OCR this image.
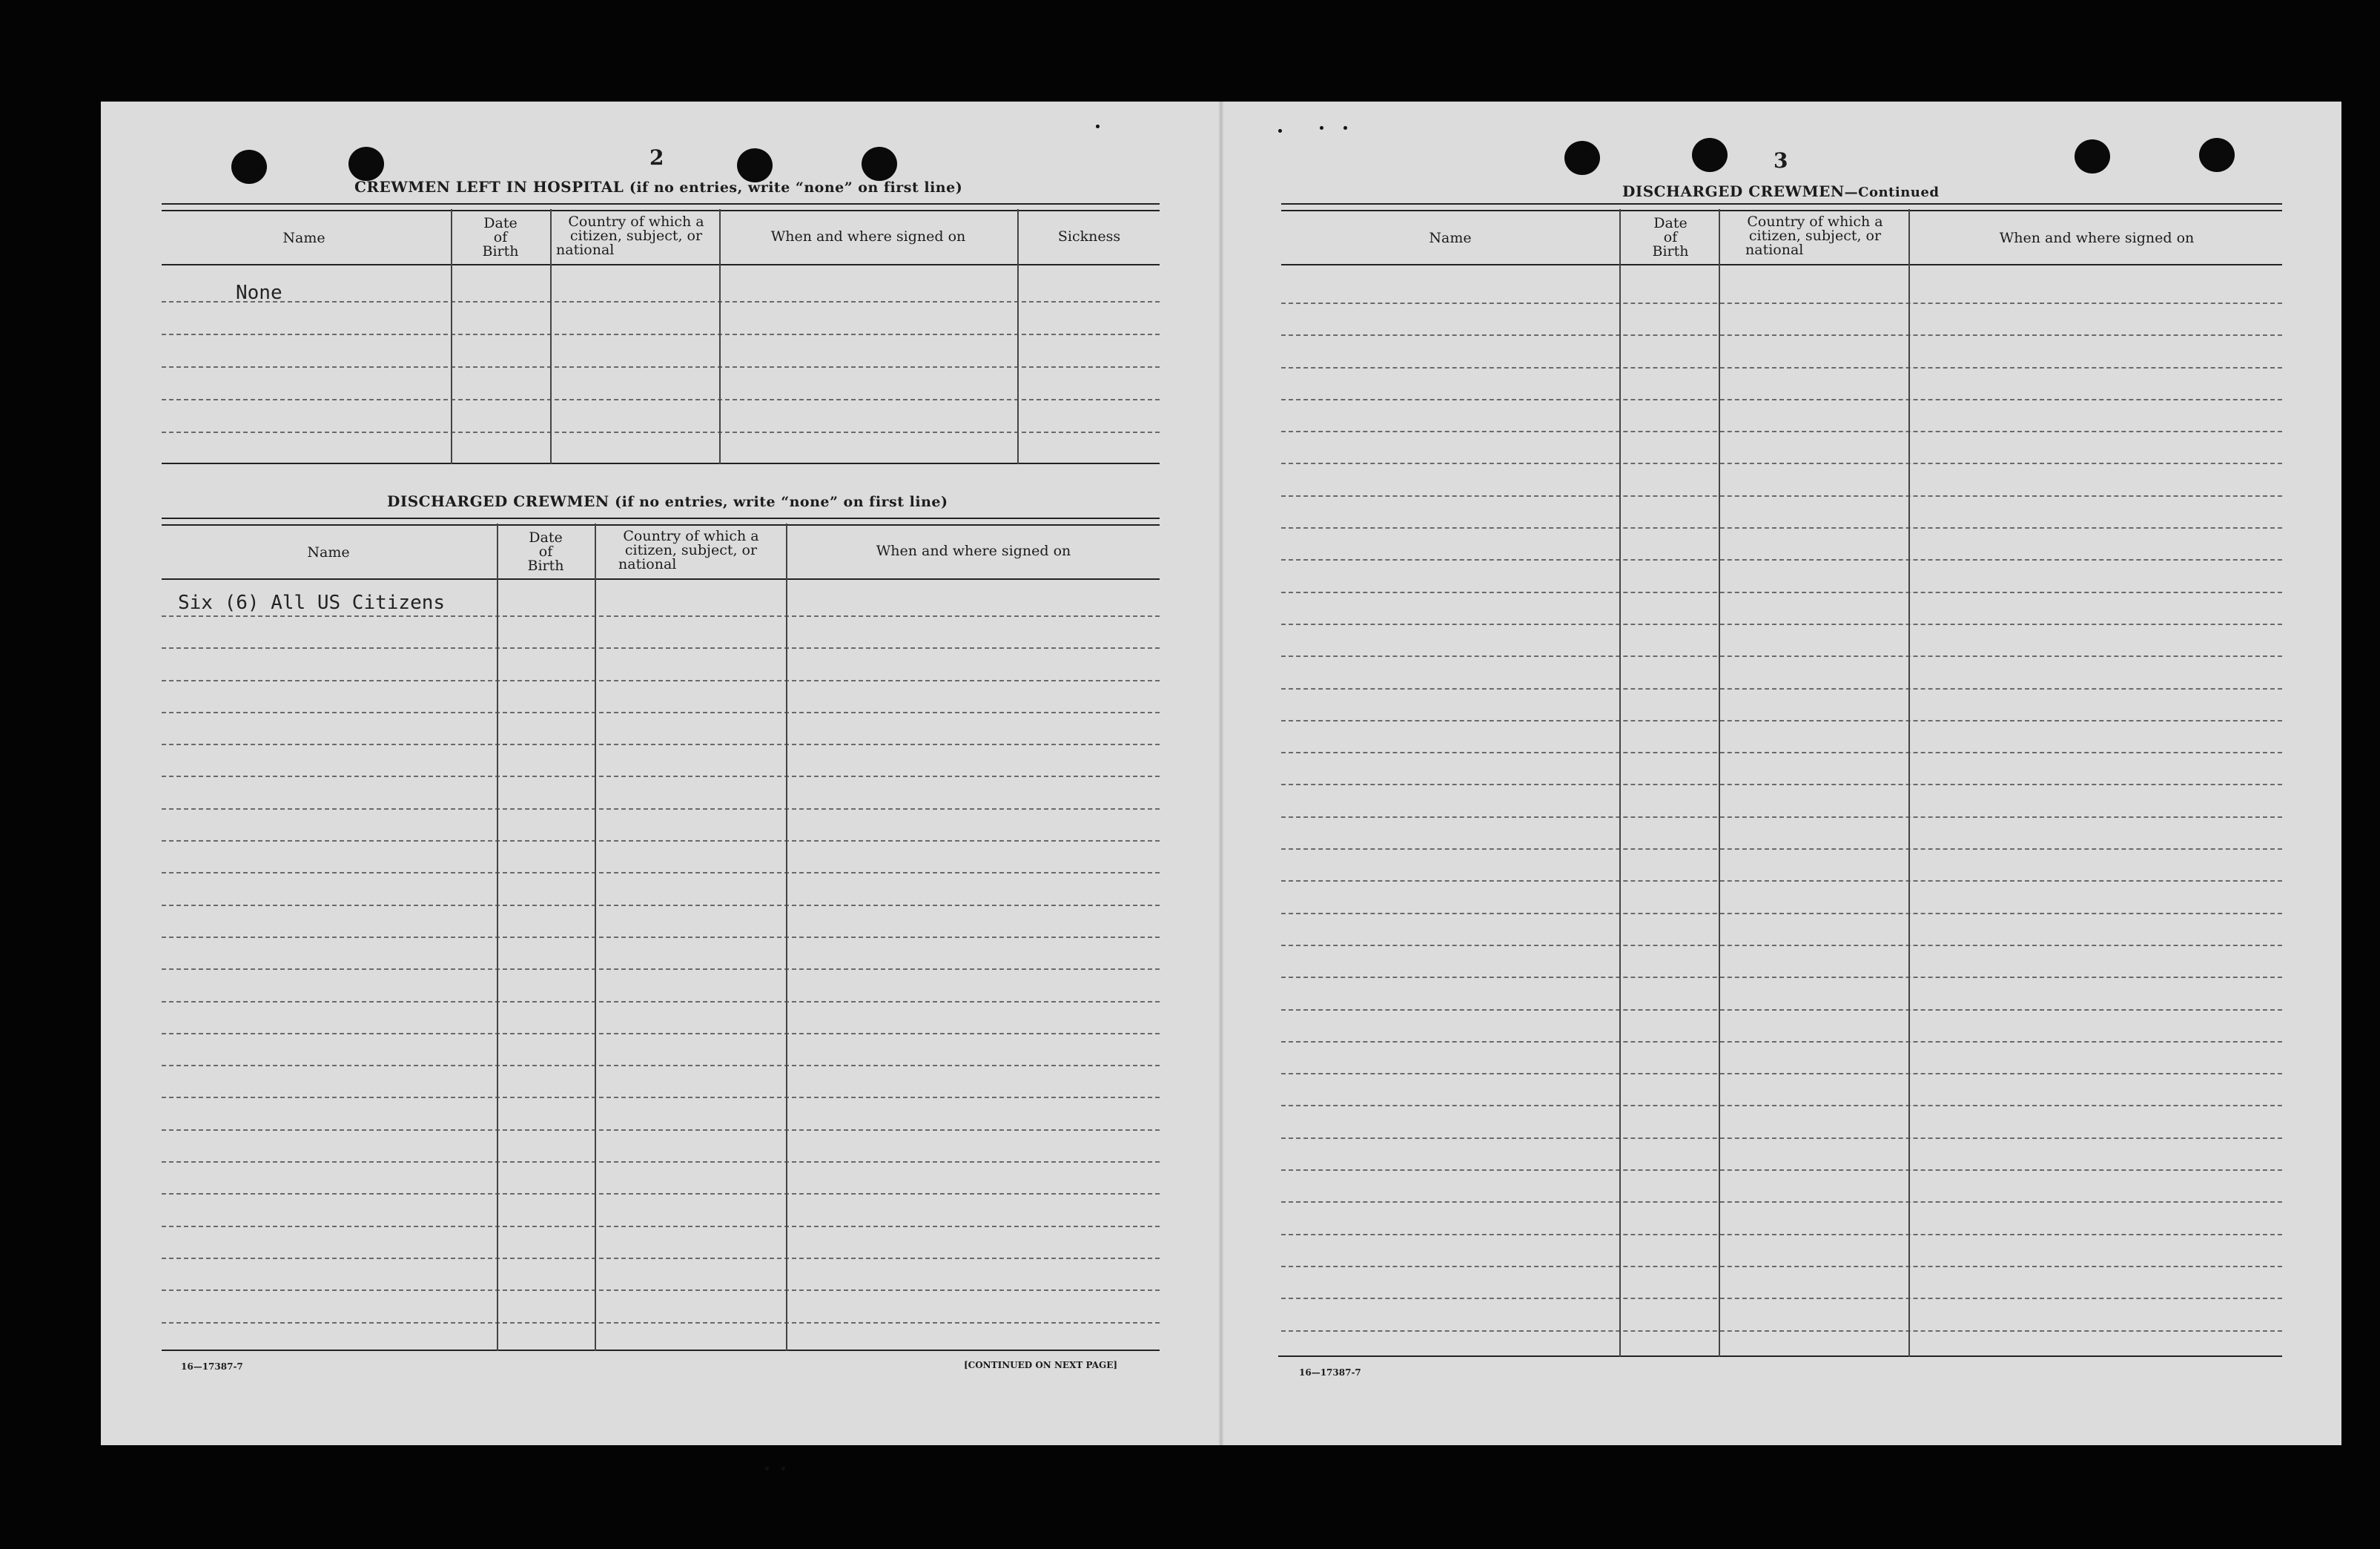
2
CREWMEN LEFT IN HOSPITAL (if no entries, write “none” on first line)
Name
Date
of
Birth
Country of which a
citizen, subject, or
national
When and where signed on	Sickness
None
DISCHARGED CREWMEN (if no entries, write “none” on first line)
Name
Date
of
Birth
Country of which a
citizen, subject, or
national
When and where signed on
Six (6) All US Citizens
16—17387-7	[CONTINUED ON NEXT PAGE]
3
DISCHARGED CREWMEN—Continued
Name
Date
of
Birth
Country of which a
citizen, subject, or
national
When and where signed on
16—17387-7
